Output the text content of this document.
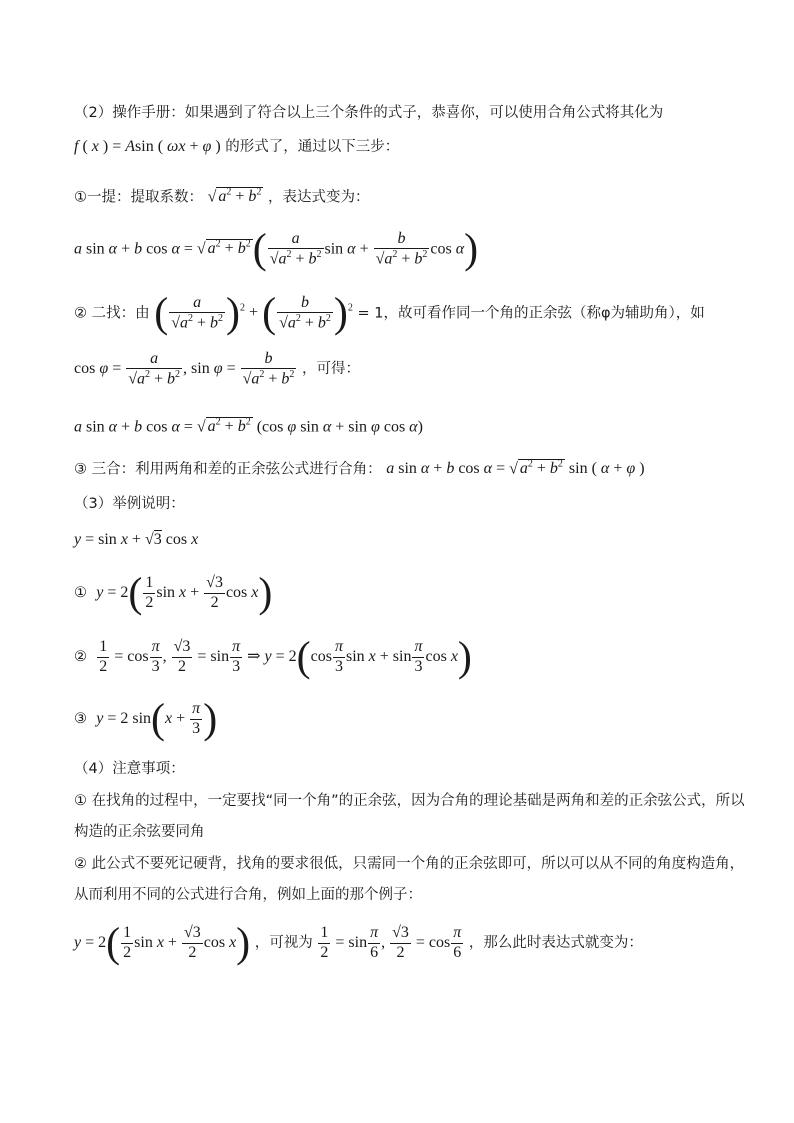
（2）操作手册：如果遇到了符合以上三个条件的式子，恭喜你，可以使用合角公式将其化为
f ( x ) = Asin ( ωx + φ ) 的形式了，通过以下三步：
①一提：提取系数： √ $a^2 + b^2$ ，表达式变为：
a sin α + b cos α = √ $a^2 + b^2( \frac{a}{√a^2 + b^2}$ $\sin \alpha + \frac{b}{√a^2 + b^2}$ cos α)
② 二找：由 ( $\frac{a}{√a^2 + b^2} )^2$ + ( $\frac{b}{√a^2 + b^2} )^2 = 1$，故可看作同一个角的正余弦（称φ为辅助角），如
$\cos \varphi = \frac{a}{√a^2 + b^2}$ , $\sin \varphi = \frac{b}{√a^2 + b^2}$ ，可得：
a sin α + b cos α = √ $a^2 + b^2$ (cos φ sin α + sin φ cos α)
③ 三合：利用两角和差的正余弦公式进行合角： a sin α + b cos α = √ $a^2 + b^2$ sin ( α + φ )
（3）举例说明：
y = sin x + √3 cos x
① $y = 2( \frac{1}{2}$ $\sin x + \frac{√3}{2}$ cos x)
② $\frac{1}{2} = \cos \frac{\pi}{3}$ , $\frac{√3}{2} = \sin \frac{\pi}{3}$ ⇒ $y = 2(\cos \frac{\pi}{3}$ $\sin x + \sin \frac{\pi}{3}$ cos x)
③ y = 2 $\sin(x + \frac{\pi}{3}$ )
（4）注意事项：
① 在找角的过程中，一定要找“同一个角”的正余弦，因为合角的理论基础是两角和差的正余弦公式，所以
构造的正余弦要同角
② 此公式不要死记硬背，找角的要求很低，只需同一个角的正余弦即可，所以可以从不同的角度构造角，
从而利用不同的公式进行合角，例如上面的那个例子：
$y = 2( \frac{1}{2}$ $\sin x + \frac{√3}{2}$ cos x) ，可视为 $\frac{1}{2} = \sin \frac{\pi}{6}$ , $\frac{√3}{2} = \cos \frac{\pi}{6}$ ，那么此时表达式就变为：
